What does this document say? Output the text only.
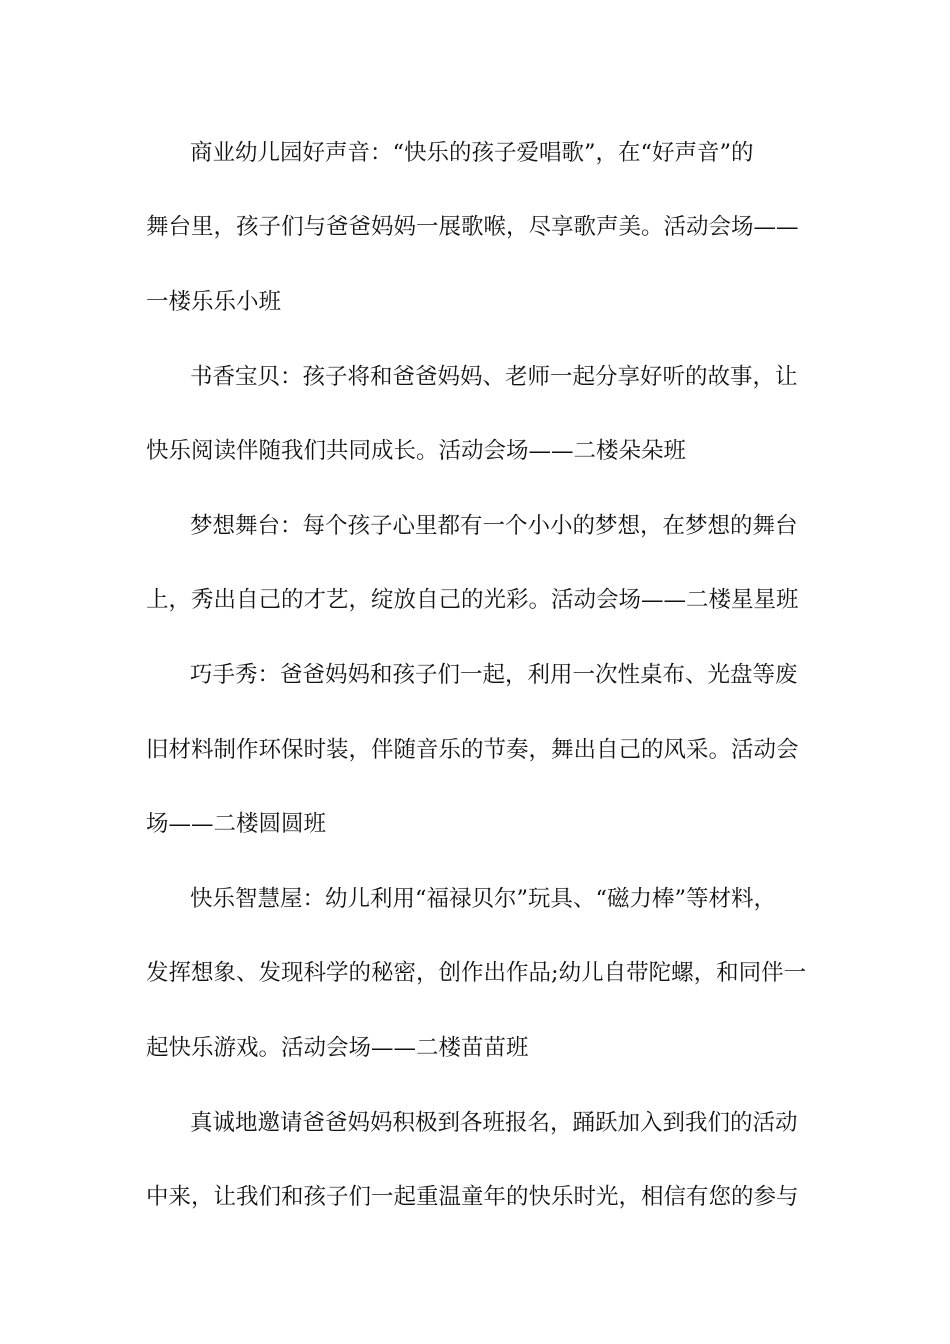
商业幼儿园好声音：“快乐的孩子爱唱歌”，在“好声音”的
舞台里，孩子们与爸爸妈妈一展歌喉，尽享歌声美。活动会场——
一楼乐乐小班
书香宝贝：孩子将和爸爸妈妈、老师一起分享好听的故事，让
快乐阅读伴随我们共同成长。活动会场——二楼朵朵班
梦想舞台：每个孩子心里都有一个小小的梦想，在梦想的舞台
上，秀出自己的才艺，绽放自己的光彩。活动会场——二楼星星班
巧手秀：爸爸妈妈和孩子们一起，利用一次性桌布、光盘等废
旧材料制作环保时装，伴随音乐的节奏，舞出自己的风采。活动会
场——二楼圆圆班
快乐智慧屋：幼儿利用“福禄贝尔”玩具、“磁力棒”等材料，
发挥想象、发现科学的秘密，创作出作品;幼儿自带陀螺，和同伴一
起快乐游戏。活动会场——二楼苗苗班
真诚地邀请爸爸妈妈积极到各班报名，踊跃加入到我们的活动
中来，让我们和孩子们一起重温童年的快乐时光，相信有您的参与
